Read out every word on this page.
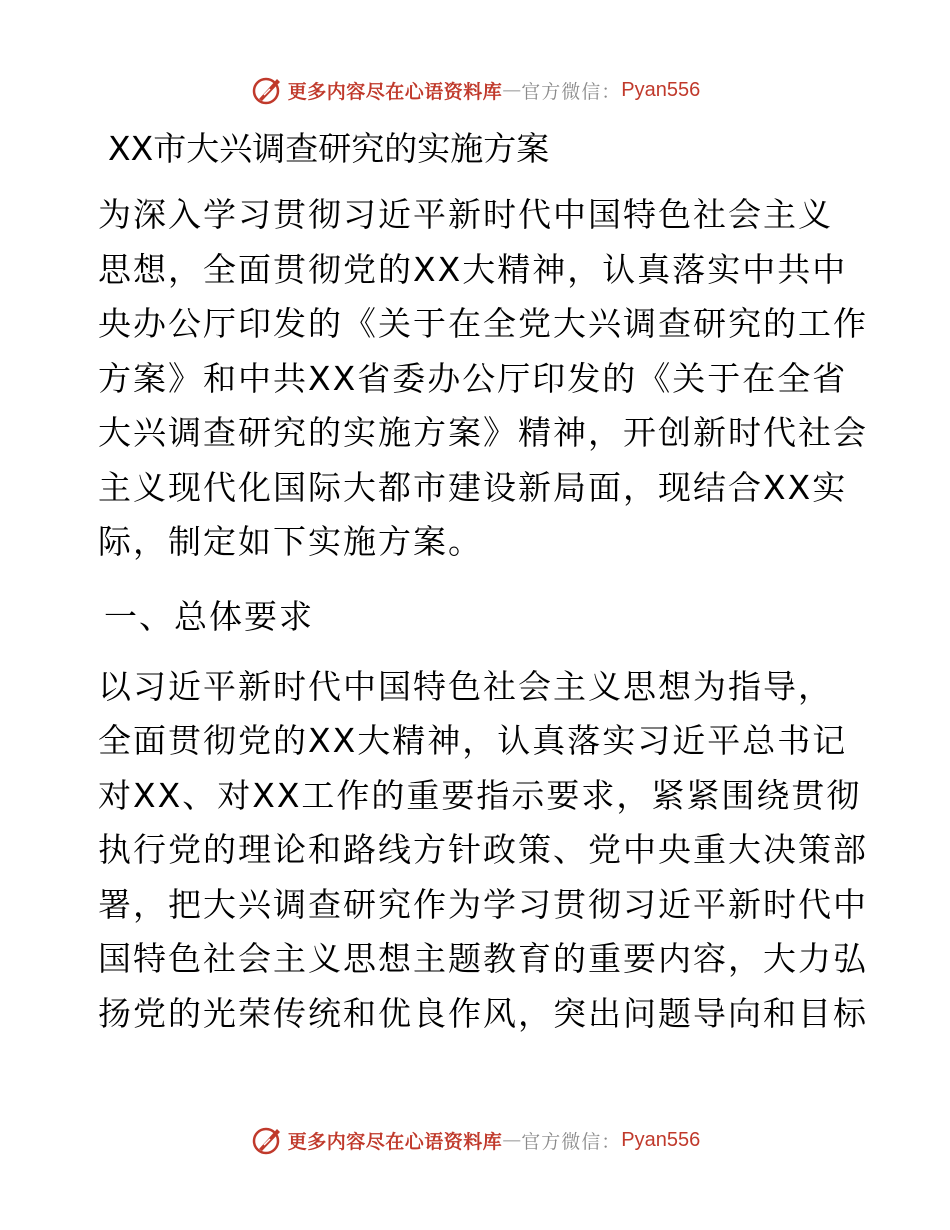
更多内容尽在心语资料库 — 官方微信： Pyan556
XX市大兴调查研究的实施方案
为深入学习贯彻习近平新时代中国特色社会主义
思想，全面贯彻党的XX大精神，认真落实中共中
央办公厅印发的《关于在全党大兴调查研究的工作
方案》和中共XX省委办公厅印发的《关于在全省
大兴调查研究的实施方案》精神，开创新时代社会
主义现代化国际大都市建设新局面，现结合XX实
际，制定如下实施方案。
一、总体要求
以习近平新时代中国特色社会主义思想为指导，
全面贯彻党的XX大精神，认真落实习近平总书记
对XX、对XX工作的重要指示要求，紧紧围绕贯彻
执行党的理论和路线方针政策、党中央重大决策部
署，把大兴调查研究作为学习贯彻习近平新时代中
国特色社会主义思想主题教育的重要内容，大力弘
扬党的光荣传统和优良作风，突出问题导向和目标
更多内容尽在心语资料库 — 官方微信： Pyan556
